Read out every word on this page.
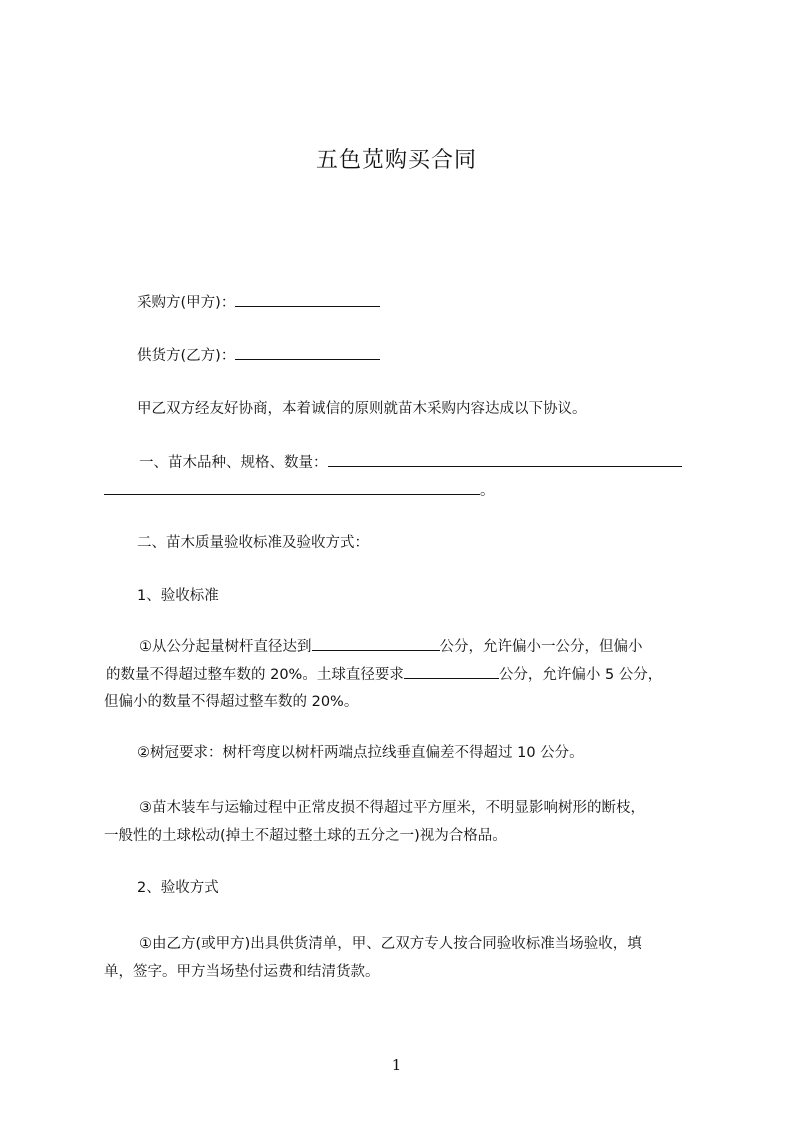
五色苋购买合同
采购方(甲方)：
供货方(乙方)：
甲乙双方经友好协商，本着诚信的原则就苗木采购内容达成以下协议。
一、苗木品种、规格、数量：
。
二、苗木质量验收标准及验收方式：
1、验收标准
①从公分起量树杆直径达到	公分，允许偏小一公分，但偏小
的数量不得超过整车数的 20%。土球直径要求	公分，允许偏小 5 公分，
但偏小的数量不得超过整车数的 20%。
②树冠要求：树杆弯度以树杆两端点拉线垂直偏差不得超过 10 公分。
③苗木装车与运输过程中正常皮损不得超过平方厘米，不明显影响树形的断枝，
一般性的土球松动(掉土不超过整土球的五分之一)视为合格品。
2、验收方式
①由乙方(或甲方)出具供货清单，甲、乙双方专人按合同验收标准当场验收，填
单，签字。甲方当场垫付运费和结清货款。
1
